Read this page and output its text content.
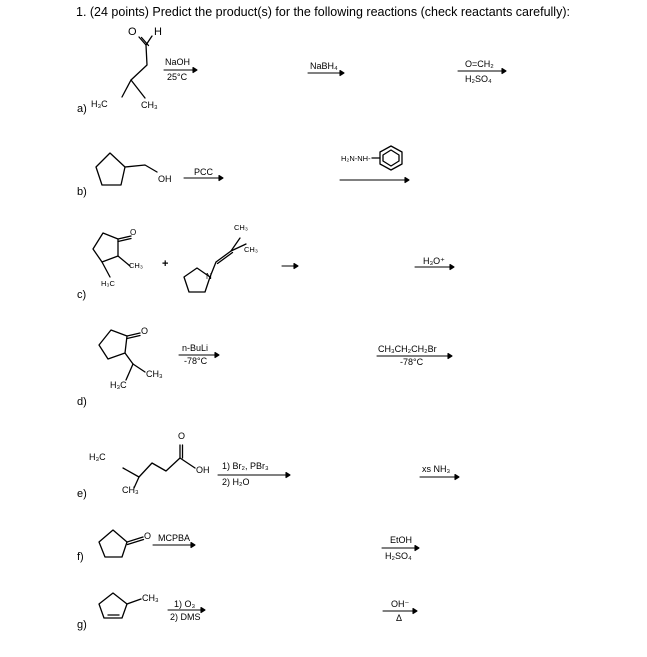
1. (24 points) Predict the product(s) for the following reactions (check reactants carefully):
a)
H
O
H₃C	CH₃
NaOH
25°C
NaBH₄	O=CH₂
H₂SO₄
b)
OH
PCC
H₂N-NH-
c)
CH₃
H₃C
O
+
N
CH₃
CH₃
H₃O⁺
d)
O
CH₃
H₃C
n-BuLi
-78°C
CH₃CH₂CH₂Br
-78°C
e)
H₃C
CH₃
O
OH 1) Br₂, PBr₃
2) H₂O
xs NH₃
f)
O MCPBA	EtOH
H₂SO₄
g)
CH₃
1) O₃
2) DMS
OH⁻
Δ
